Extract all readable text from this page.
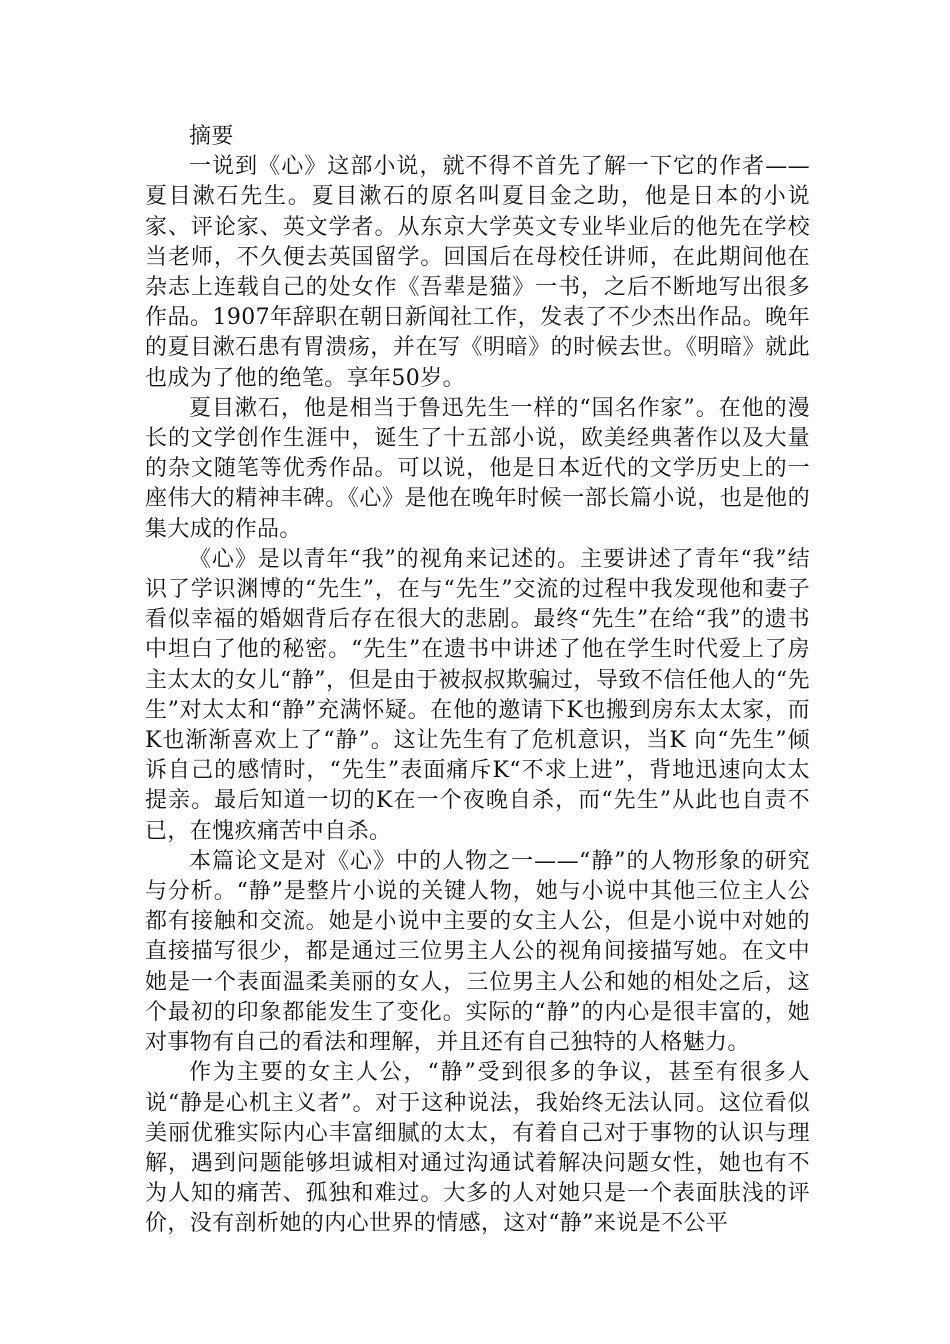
摘要

一说到《心》这部小说，就不得不首先了解一下它的作者——夏目漱石先生。夏目漱石的原名叫夏目金之助，他是日本的小说家、评论家、英文学者。从东京大学英文专业毕业后的他先在学校当老师，不久便去英国留学。回国后在母校任讲师，在此期间他在杂志上连载自己的处女作《吾辈是猫》一书，之后不断地写出很多作品。1907年辞职在朝日新闻社工作，发表了不少杰出作品。晚年的夏目漱石患有胃溃疡，并在写《明暗》的时候去世。《明暗》就此也成为了他的绝笔。享年50岁。

夏目漱石，他是相当于鲁迅先生一样的“国名作家”。在他的漫长的文学创作生涯中，诞生了十五部小说，欧美经典著作以及大量的杂文随笔等优秀作品。可以说，他是日本近代的文学历史上的一座伟大的精神丰碑。《心》是他在晚年时候一部长篇小说，也是他的集大成的作品。

《心》是以青年“我”的视角来记述的。主要讲述了青年“我”结识了学识渊博的“先生”，在与“先生”交流的过程中我发现他和妻子看似幸福的婚姻背后存在很大的悲剧。最终“先生”在给“我”的遗书中坦白了他的秘密。“先生”在遗书中讲述了他在学生时代爱上了房主太太的女儿“静”，但是由于被叔叔欺骗过，导致不信任他人的“先生”对太太和“静”充满怀疑。在他的邀请下K也搬到房东太太家，而K也渐渐喜欢上了“静”。这让先生有了危机意识，当K 向“先生”倾诉自己的感情时，“先生”表面痛斥K“不求上进”，背地迅速向太太提亲。最后知道一切的K在一个夜晚自杀，而“先生”从此也自责不已，在愧疚痛苦中自杀。

本篇论文是对《心》中的人物之一——“静”的人物形象的研究与分析。“静”是整片小说的关键人物，她与小说中其他三位主人公都有接触和交流。她是小说中主要的女主人公，但是小说中对她的直接描写很少，都是通过三位男主人公的视角间接描写她。在文中她是一个表面温柔美丽的女人，三位男主人公和她的相处之后，这个最初的印象都能发生了变化。实际的“静”的内心是很丰富的，她对事物有自己的看法和理解，并且还有自己独特的人格魅力。

作为主要的女主人公，“静”受到很多的争议，甚至有很多人说“静是心机主义者”。对于这种说法，我始终无法认同。这位看似美丽优雅实际内心丰富细腻的太太，有着自己对于事物的认识与理解，遇到问题能够坦诚相对通过沟通试着解决问题女性，她也有不为人知的痛苦、孤独和难过。大多的人对她只是一个表面肤浅的评价，没有剖析她的内心世界的情感，这对“静”来说是不公平
